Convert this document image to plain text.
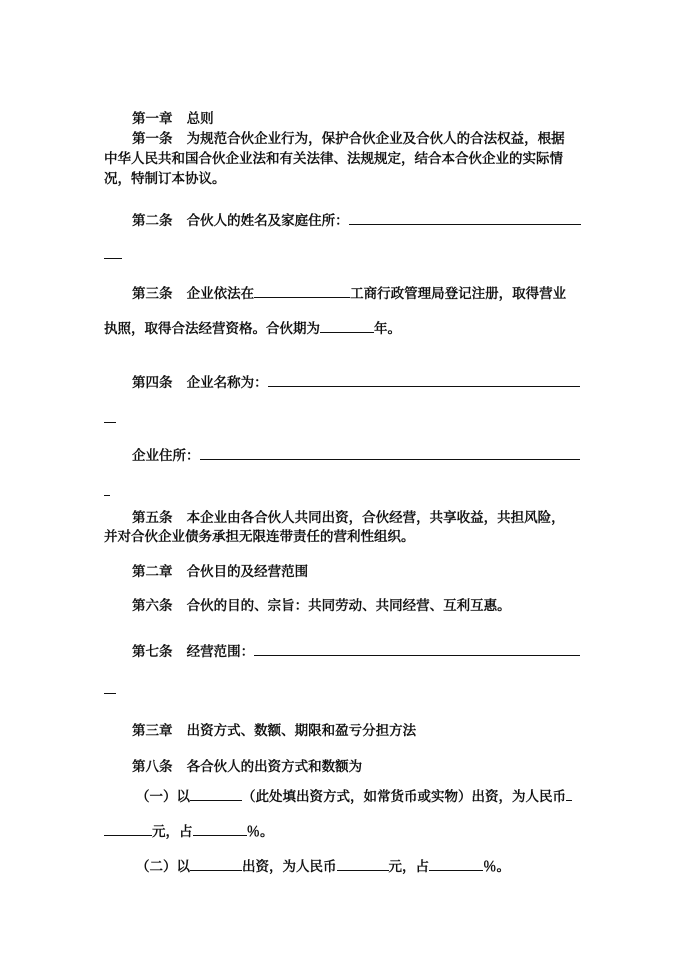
第一章 总则

第一条 为规范合伙企业行为，保护合伙企业及合伙人的合法权益，根据

中华人民共和国合伙企业法和有关法律、法规规定，结合本合伙企业的实际情

况，特制订本协议。

第二条 合伙人的姓名及家庭住所：

第三条 企业依法在	工商行政管理局登记注册，取得营业

执照，取得合法经营资格。合伙期为	年。

第四条 企业名称为：

企业住所：

第五条 本企业由各合伙人共同出资，合伙经营，共享收益，共担风险，

并对合伙企业债务承担无限连带责任的营利性组织。

第二章 合伙目的及经营范围

第六条 合伙的目的、宗旨：共同劳动、共同经营、互利互惠。

第七条 经营范围：

第三章 出资方式、数额、期限和盈亏分担方法

第八条 各合伙人的出资方式和数额为

（一）以	（此处填出资方式，如常货币或实物）出资，为人民币

元，占	％。

（二）以	出资，为人民币	元，占	％。
